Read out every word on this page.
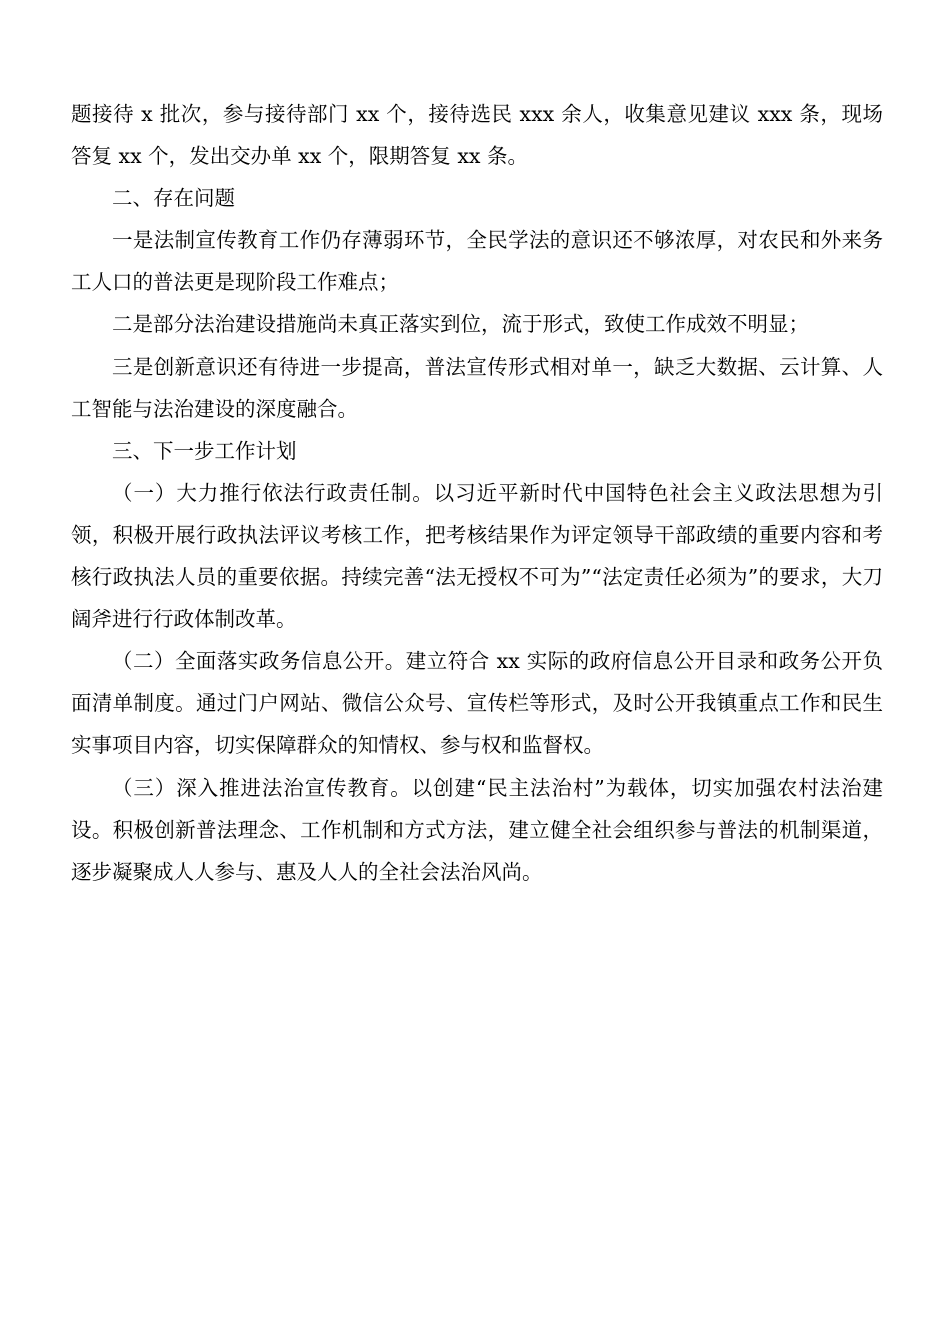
题接待 x 批次，参与接待部门 xx 个，接待选民 xxx 余人，收集意见建议 xxx 条，现场答复 xx 个，发出交办单 xx 个，限期答复 xx 条。

二、存在问题

一是法制宣传教育工作仍存薄弱环节，全民学法的意识还不够浓厚，对农民和外来务工人口的普法更是现阶段工作难点；

二是部分法治建设措施尚未真正落实到位，流于形式，致使工作成效不明显；

三是创新意识还有待进一步提高，普法宣传形式相对单一，缺乏大数据、云计算、人工智能与法治建设的深度融合。

三、下一步工作计划

（一）大力推行依法行政责任制。以习近平新时代中国特色社会主义政法思想为引领，积极开展行政执法评议考核工作，把考核结果作为评定领导干部政绩的重要内容和考核行政执法人员的重要依据。持续完善“法无授权不可为”“法定责任必须为”的要求，大刀阔斧进行行政体制改革。

（二）全面落实政务信息公开。建立符合 xx 实际的政府信息公开目录和政务公开负面清单制度。通过门户网站、微信公众号、宣传栏等形式，及时公开我镇重点工作和民生实事项目内容，切实保障群众的知情权、参与权和监督权。

（三）深入推进法治宣传教育。以创建“民主法治村”为载体，切实加强农村法治建设。积极创新普法理念、工作机制和方式方法，建立健全社会组织参与普法的机制渠道，逐步凝聚成人人参与、惠及人人的全社会法治风尚。
